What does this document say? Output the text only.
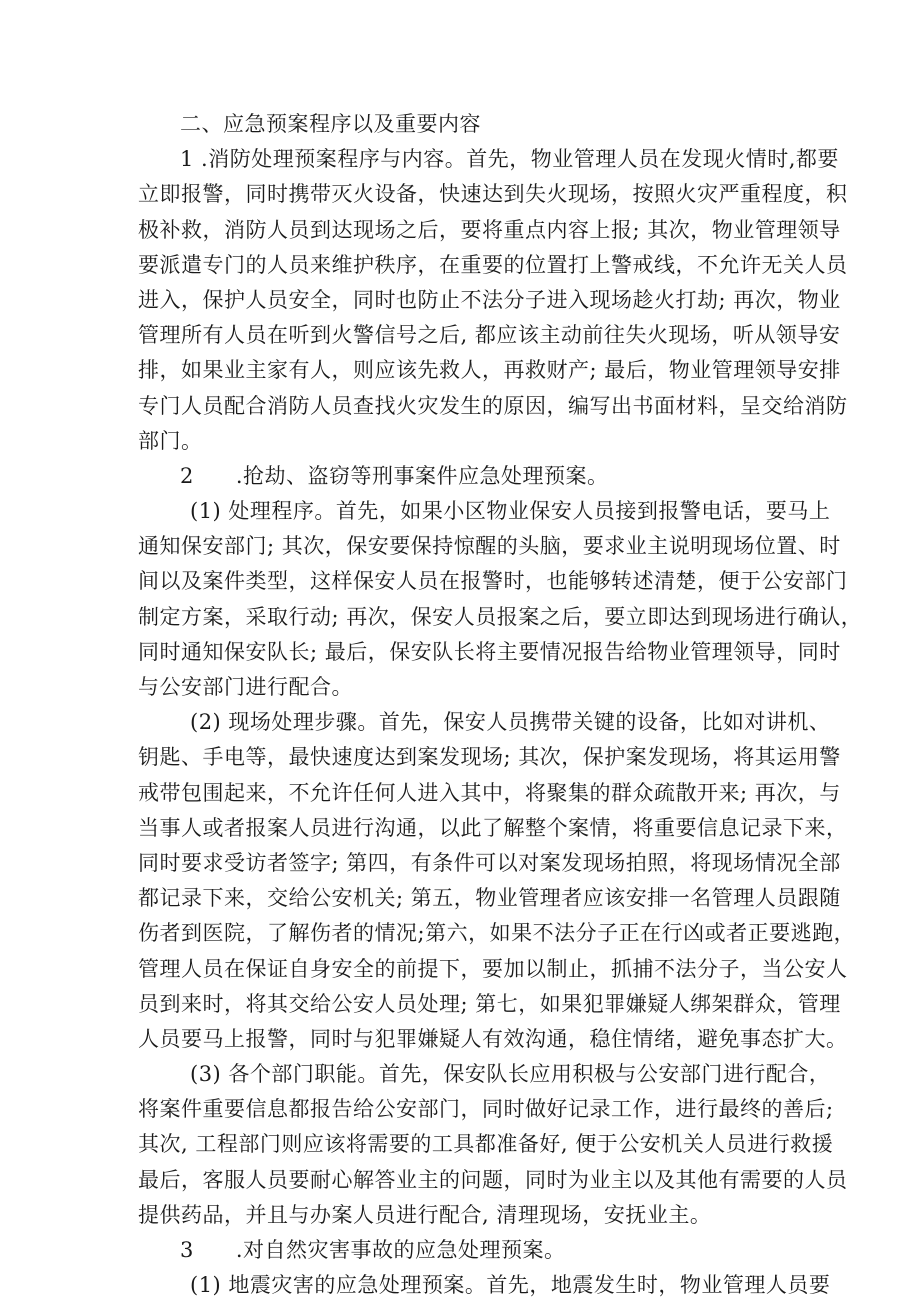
二、应急预案程序以及重要内容
1 .消防处理预案程序与内容。首先，物业管理人员在发现火情时,都要
立即报警，同时携带灭火设备，快速达到失火现场，按照火灾严重程度，积
极补救，消防人员到达现场之后，要将重点内容上报; 其次，物业管理领导
要派遣专门的人员来维护秩序，在重要的位置打上警戒线，不允许无关人员
进入，保护人员安全，同时也防止不法分子进入现场趁火打劫; 再次，物业
管理所有人员在听到火警信号之后, 都应该主动前往失火现场，听从领导安
排，如果业主家有人，则应该先救人，再救财产; 最后，物业管理领导安排
专门人员配合消防人员查找火灾发生的原因，编写出书面材料，呈交给消防
部门。
2 .抢劫、盗窃等刑事案件应急处理预案。
(1) 处理程序。首先，如果小区物业保安人员接到报警电话，要马上
通知保安部门; 其次，保安要保持惊醒的头脑，要求业主说明现场位置、时
间以及案件类型，这样保安人员在报警时，也能够转述清楚，便于公安部门
制定方案，采取行动; 再次，保安人员报案之后，要立即达到现场进行确认，
同时通知保安队长; 最后，保安队长将主要情况报告给物业管理领导，同时
与公安部门进行配合。
(2) 现场处理步骤。首先，保安人员携带关键的设备，比如对讲机、
钥匙、手电等，最快速度达到案发现场; 其次，保护案发现场，将其运用警
戒带包围起来，不允许任何人进入其中，将聚集的群众疏散开来; 再次，与
当事人或者报案人员进行沟通，以此了解整个案情，将重要信息记录下来，
同时要求受访者签字; 第四，有条件可以对案发现场拍照，将现场情况全部
都记录下来，交给公安机关; 第五，物业管理者应该安排一名管理人员跟随
伤者到医院，了解伤者的情况;第六，如果不法分子正在行凶或者正要逃跑，
管理人员在保证自身安全的前提下，要加以制止，抓捕不法分子，当公安人
员到来时，将其交给公安人员处理; 第七，如果犯罪嫌疑人绑架群众，管理
人员要马上报警，同时与犯罪嫌疑人有效沟通，稳住情绪，避免事态扩大。
(3) 各个部门职能。首先，保安队长应用积极与公安部门进行配合，
将案件重要信息都报告给公安部门，同时做好记录工作，进行最终的善后;
其次, 工程部门则应该将需要的工具都准备好, 便于公安机关人员进行救援
最后，客服人员要耐心解答业主的问题，同时为业主以及其他有需要的人员
提供药品，并且与办案人员进行配合, 清理现场，安抚业主。
3 .对自然灾害事故的应急处理预案。
(1) 地震灾害的应急处理预案。首先，地震发生时，物业管理人员要
